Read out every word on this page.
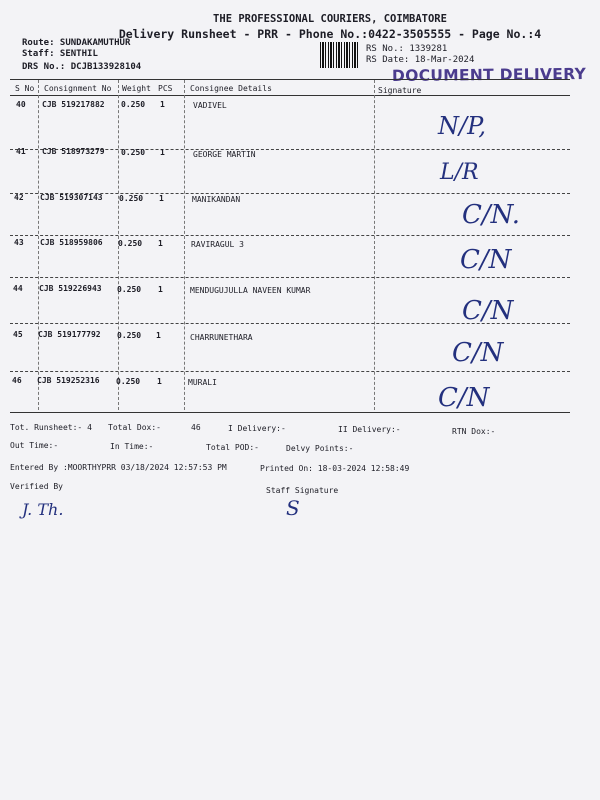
THE PROFESSIONAL COURIERS, COIMBATORE
Delivery Runsheet - PRR - Phone No.:0422-3505555 - Page No.:4
Route: SUNDAKAMUTHUR
Staff: SENTHIL
DRS No.: DCJB133928104
RS No.: 1339281
RS Date: 18-Mar-2024
DOCUMENT DELIVERY
S No Consignment No Weight PCS Consignee Details	Signature
40 CJB 519217882 0.250 1	VADIVEL
N/P,
41 CJB 518973279 0.250 1	GEORGE MARTIN
L/R
42 CJB 519307143 0.250 1	MANIKANDAN
C/N.
43 CJB 518959806 0.250 1	RAVIRAGUL 3
C/N
44 CJB 519226943 0.250 1	MENDUGUJULLA NAVEEN KUMAR
C/N
45 CJB 519177792 0.250 1	CHARRUNETHARA
C/N
46 CJB 519252316 0.250 1	MURALI
C/N
Tot. Runsheet:- 4 Total Dox:-	46	I Delivery:-	II Delivery:-	RTN Dox:-
Out Time:-	In Time:-	Total POD:-	Delvy Points:-
Entered By :MOORTHYPRR 03/18/2024 12:57:53 PM	Printed On: 18-03-2024 12:58:49
Verified By	Staff Signature
J. Th.	S
